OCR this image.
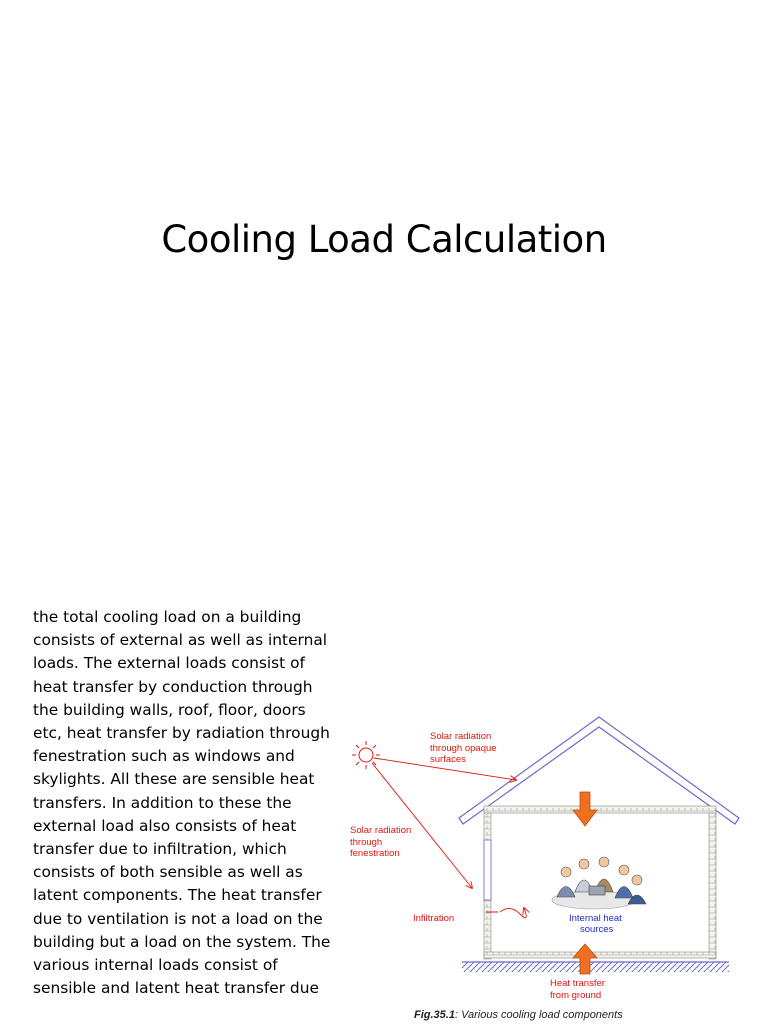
Cooling Load Calculation
the total cooling load on a building consists of external as well as internal loads. The external loads consist of heat transfer by conduction through the building walls, roof, floor, doors etc, heat transfer by radiation through fenestration such as windows and skylights. All these are sensible heat transfers. In addition to these the external load also consists of heat transfer due to infiltration, which consists of both sensible as well as latent components. The heat transfer due to ventilation is not a load on the building but a load on the system. The various internal loads consist of sensible and latent heat transfer due
Solar radiation
through opaque
surfaces
Solar radiation
through
fenestration
Infiltration	Internal heat
sources
Heat transfer
from ground
Fig.35.1: Various cooling load components
